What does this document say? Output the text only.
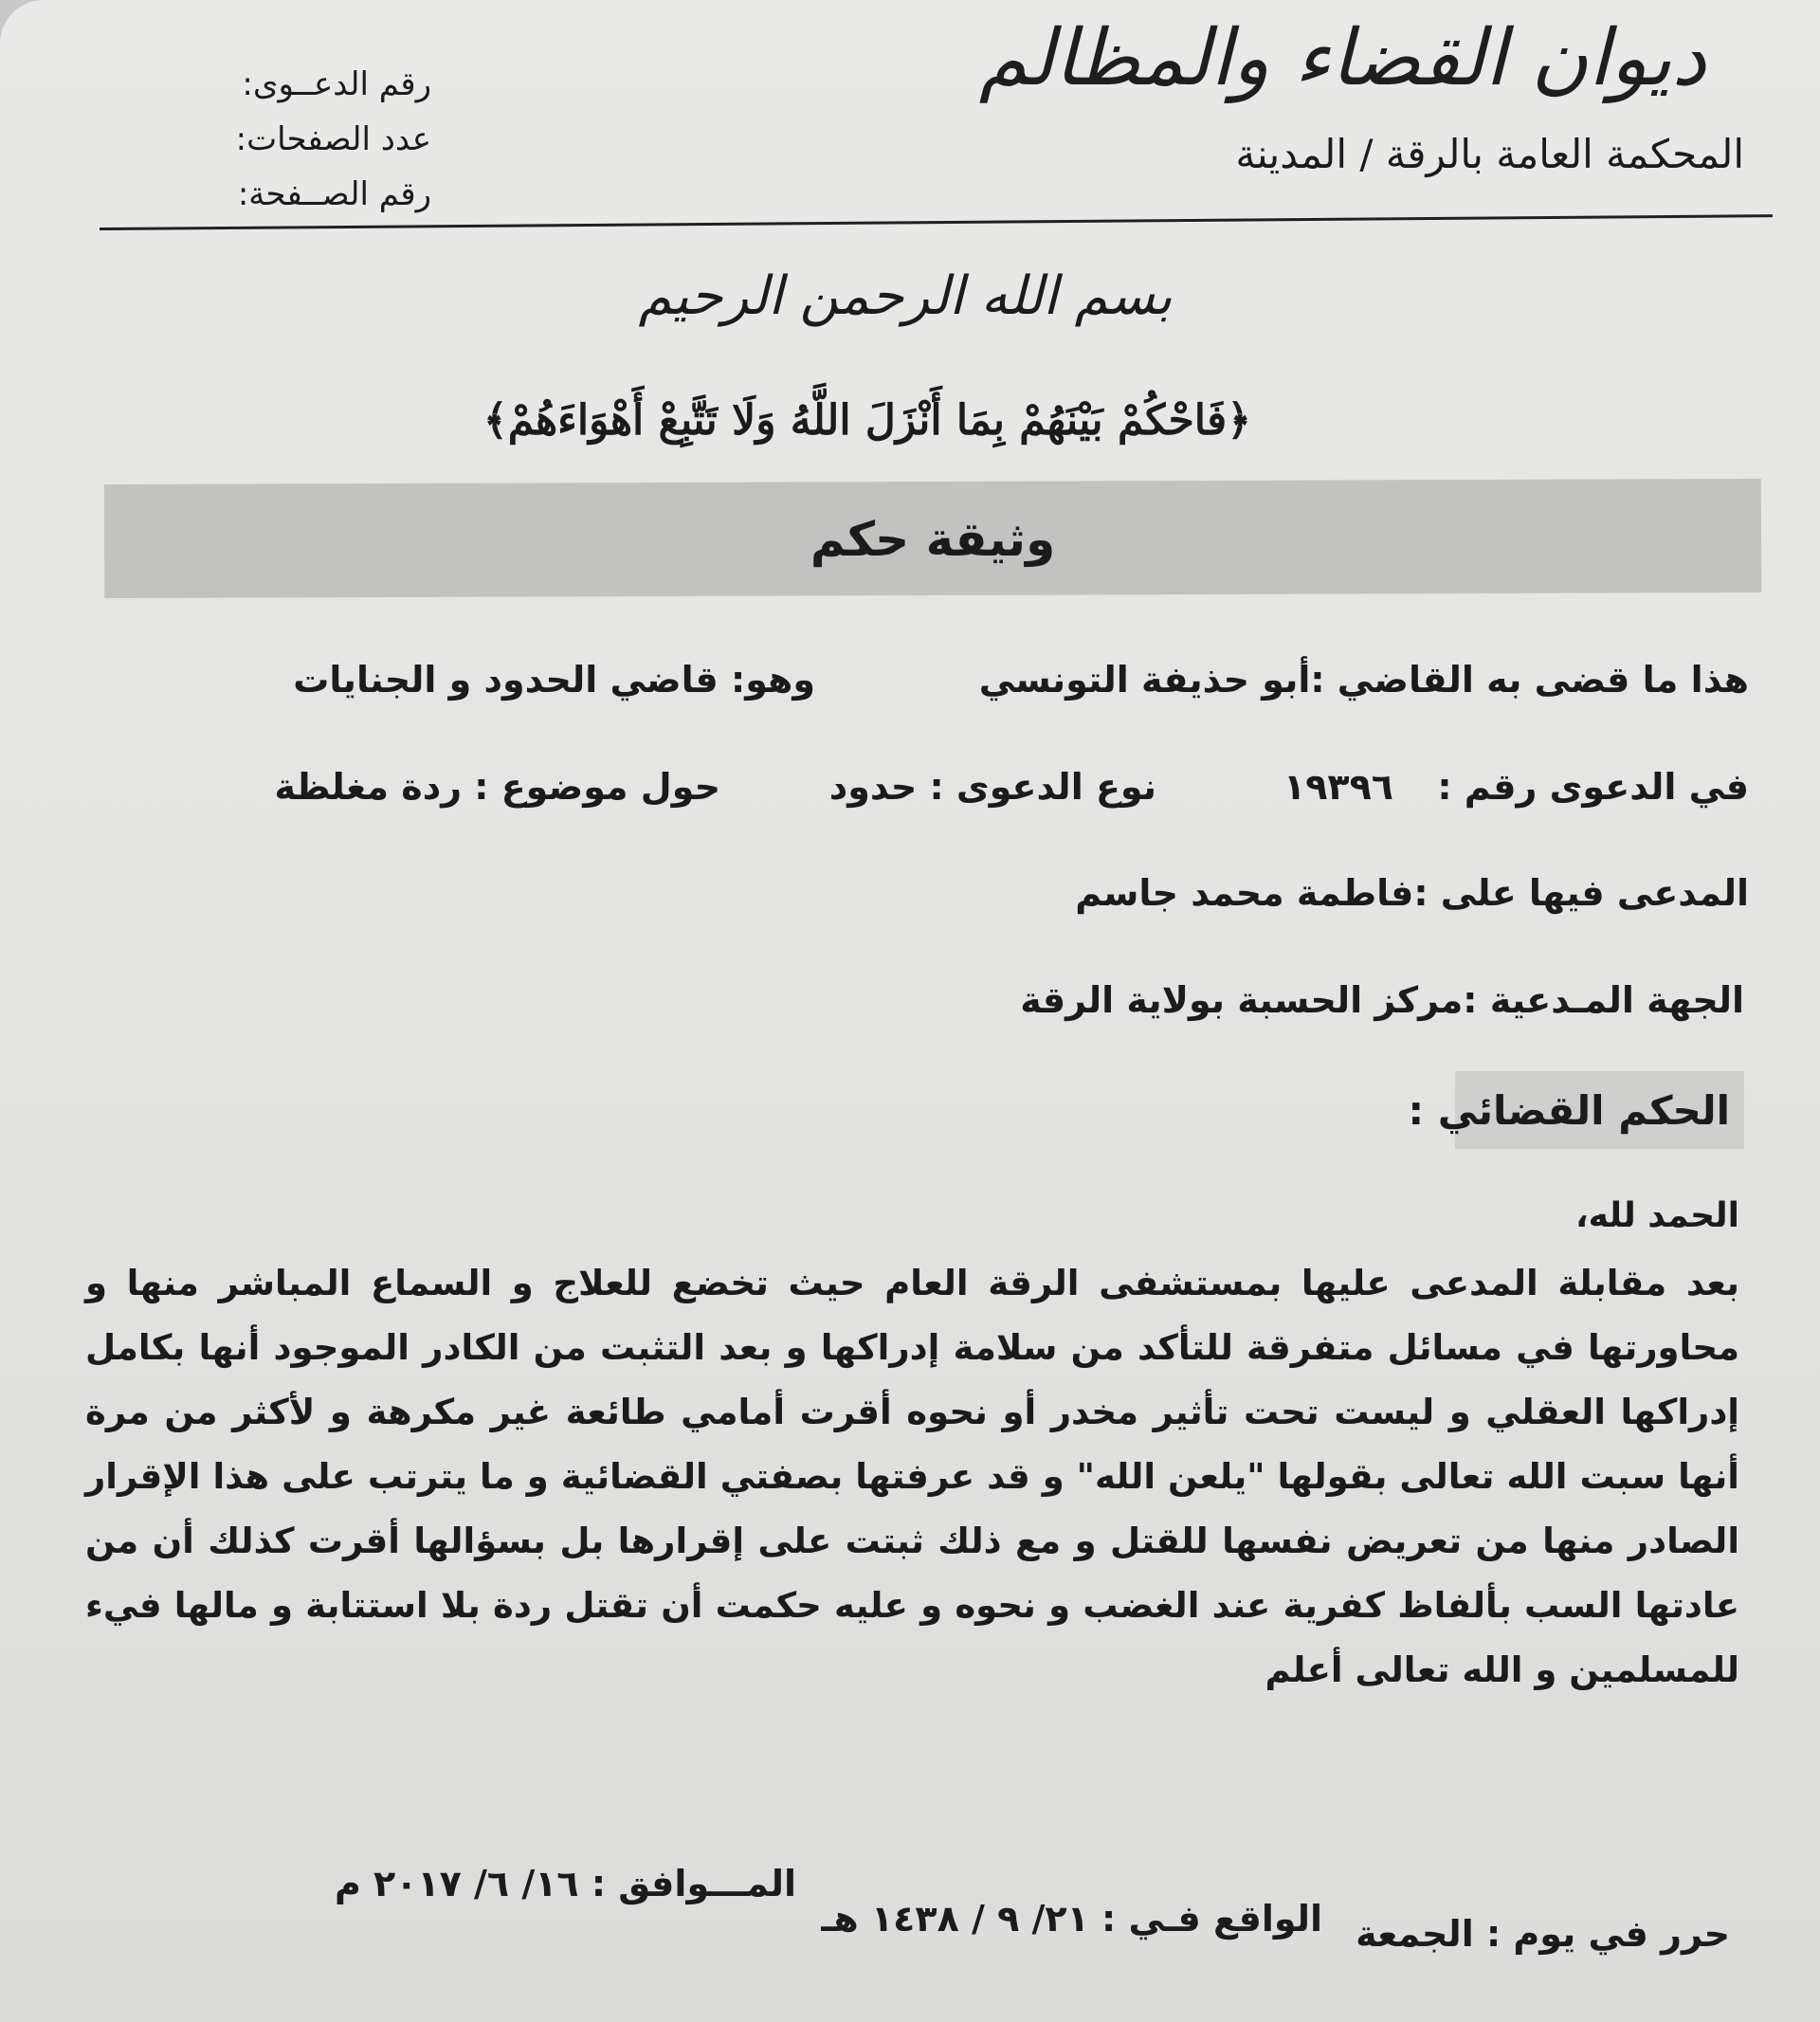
ديوان القضاء والمظالم
المحكمة العامة بالرقة / المدينة
رقم الدعــوى:
عدد الصفحات:
رقم الصــفحة:
بسم الله الرحمن الرحيم
﴿فَاحْكُمْ بَيْنَهُمْ بِمَا أَنْزَلَ اللَّهُ وَلَا تَتَّبِعْ أَهْوَاءَهُمْ﴾
وثيقة حكم
هذا ما قضى به القاضي :أبو حذيفة التونسي
وهو: قاضي الحدود و الجنايات
في الدعوى رقم :
١٩٣٩٦
نوع الدعوى : حدود
حول موضوع : ردة مغلظة
المدعى فيها على :فاطمة محمد جاسم
الجهة المـدعية :مركز الحسبة بولاية الرقة
الحكم القضائي :
الحمد لله،
بعد مقابلة المدعى عليها بمستشفى الرقة العام حيث تخضع للعلاج و السماع المباشر منها و محاورتها في مسائل متفرقة للتأكد من سلامة إدراكها و بعد التثبت من الكادر الموجود أنها بكامل إدراكها العقلي و ليست تحت تأثير مخدر أو نحوه أقرت أمامي طائعة غير مكرهة و لأكثر من مرة أنها سبت الله تعالى بقولها "يلعن الله" و قد عرفتها بصفتي القضائية و ما يترتب على هذا الإقرار الصادر منها من تعريض نفسها للقتل و مع ذلك ثبتت على إقرارها بل بسؤالها أقرت كذلك أن من عادتها السب بألفاظ كفرية عند الغضب و نحوه و عليه حكمت أن تقتل ردة بلا استتابة و مالها فيء للمسلمين و الله تعالى أعلم
حرر في يوم : الجمعة
الواقع فـي : ٢١/ ٩ / ١٤٣٨ هـ
المـــوافق : ١٦/ ٦/ ٢٠١٧ م
